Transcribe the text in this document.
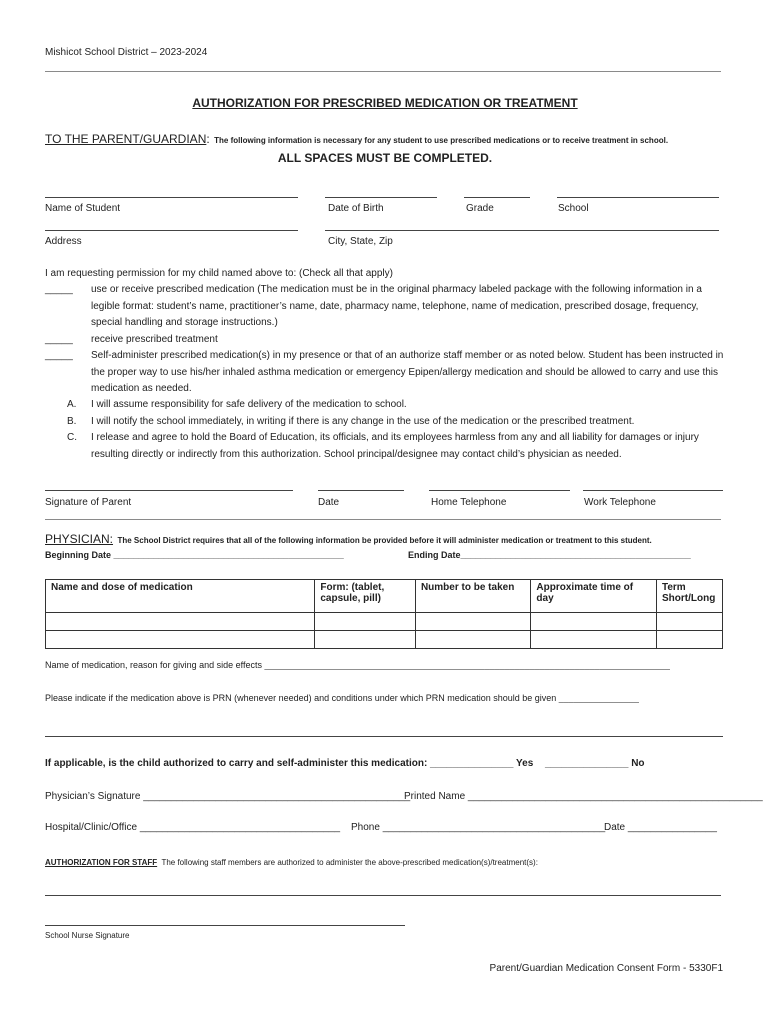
Mishicot School District – 2023-2024
AUTHORIZATION FOR PRESCRIBED MEDICATION OR TREATMENT
TO THE PARENT/GUARDIAN: The following information is necessary for any student to use prescribed medications or to receive treatment in school.
ALL SPACES MUST BE COMPLETED.
Name of Student	Date of Birth	Grade	School
Address	City, State, Zip
I am requesting permission for my child named above to: (Check all that apply)
_____ use or receive prescribed medication (The medication must be in the original pharmacy labeled package with the following information in a legible format: student’s name, practitioner’s name, date, pharmacy name, telephone, name of medication, prescribed dosage, frequency, special handling and storage instructions.)
_____ receive prescribed treatment
_____ Self-administer prescribed medication(s) in my presence or that of an authorize staff member or as noted below. Student has been instructed in the proper way to use his/her inhaled asthma medication or emergency Epipen/allergy medication and should be allowed to carry and use this medication as needed.
A. I will assume responsibility for safe delivery of the medication to school.
B. I will notify the school immediately, in writing if there is any change in the use of the medication or the prescribed treatment.
C. I release and agree to hold the Board of Education, its officials, and its employees harmless from any and all liability for damages or injury resulting directly or indirectly from this authorization. School principal/designee may contact child’s physician as needed.
Signature of Parent	Date	Home Telephone	Work Telephone
PHYSICIAN: The School District requires that all of the following information be provided before it will administer medication or treatment to this student.
Beginning Date ______________________________________________	Ending Date______________________________________________
Name and dose of medication	Form: (tablet, capsule, pill)	Number to be taken	Approximate time of day	Term Short/Long

Name of medication, reason for giving and side effects _________________________________________________________________________________
Please indicate if the medication above is PRN (whenever needed) and conditions under which PRN medication should be given ________________
If applicable, is the child authorized to carry and self-administer this medication: _______________ Yes _______________ No
Physician’s Signature ________________________________________________
Printed Name _____________________________________________________
Hospital/Clinic/Office ____________________________________ Phone ________________________________________
Date ________________
AUTHORIZATION FOR STAFF The following staff members are authorized to administer the above-prescribed medication(s)/treatment(s):
School Nurse Signature
Parent/Guardian Medication Consent Form - 5330F1
